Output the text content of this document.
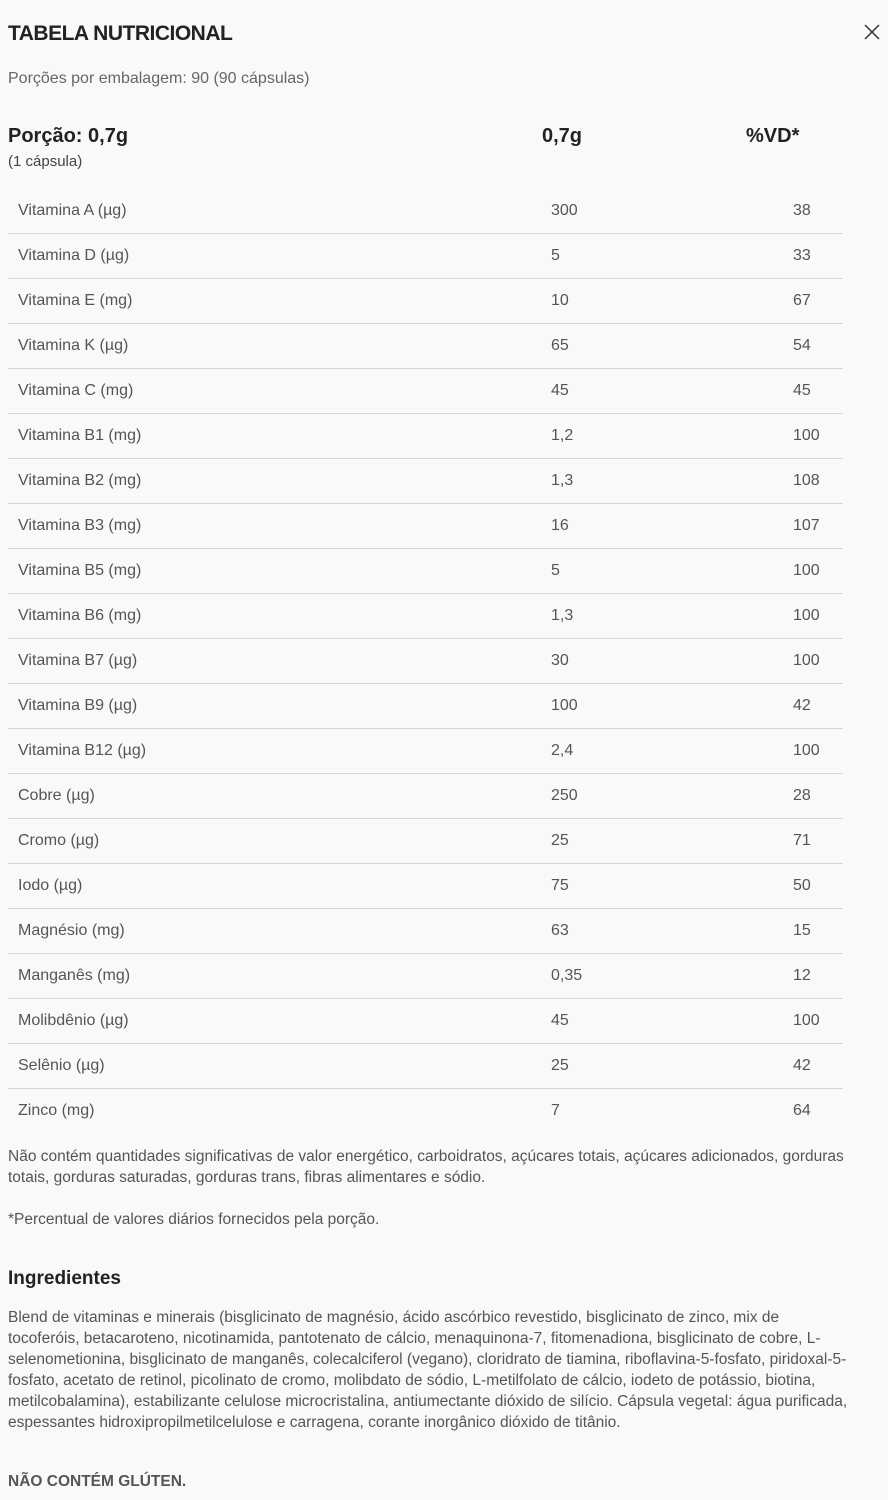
TABELA NUTRICIONAL
Porções por embalagem: 90 (90 cápsulas)
Porção: 0,7g	0,7g	%VD*
(1 cápsula)
Vitamina A (µg)	300	38
Vitamina D (µg)	5	33
Vitamina E (mg)	10	67
Vitamina K (µg)	65	54
Vitamina C (mg)	45	45
Vitamina B1 (mg)	1,2	100
Vitamina B2 (mg)	1,3	108
Vitamina B3 (mg)	16	107
Vitamina B5 (mg)	5	100
Vitamina B6 (mg)	1,3	100
Vitamina B7 (µg)	30	100
Vitamina B9 (µg)	100	42
Vitamina B12 (µg)	2,4	100
Cobre (µg)	250	28
Cromo (µg)	25	71
Iodo (µg)	75	50
Magnésio (mg)	63	15
Manganês (mg)	0,35	12
Molibdênio (µg)	45	100
Selênio (µg)	25	42
Zinco (mg)	7	64
Não contém quantidades significativas de valor energético, carboidratos, açúcares totais, açúcares adicionados, gorduras totais, gorduras saturadas, gorduras trans, fibras alimentares e sódio.
*Percentual de valores diários fornecidos pela porção.
Ingredientes
Blend de vitaminas e minerais (bisglicinato de magnésio, ácido ascórbico revestido, bisglicinato de zinco, mix de tocoferóis, betacaroteno, nicotinamida, pantotenato de cálcio, menaquinona-7, fitomenadiona, bisglicinato de cobre, L-selenometionina, bisglicinato de manganês, colecalciferol (vegano), cloridrato de tiamina, riboflavina-5-fosfato, piridoxal-5-fosfato, acetato de retinol, picolinato de cromo, molibdato de sódio, L-metilfolato de cálcio, iodeto de potássio, biotina, metilcobalamina), estabilizante celulose microcristalina, antiumectante dióxido de silício. Cápsula vegetal: água purificada, espessantes hidroxipropilmetilcelulose e carragena, corante inorgânico dióxido de titânio.
NÃO CONTÉM GLÚTEN.
